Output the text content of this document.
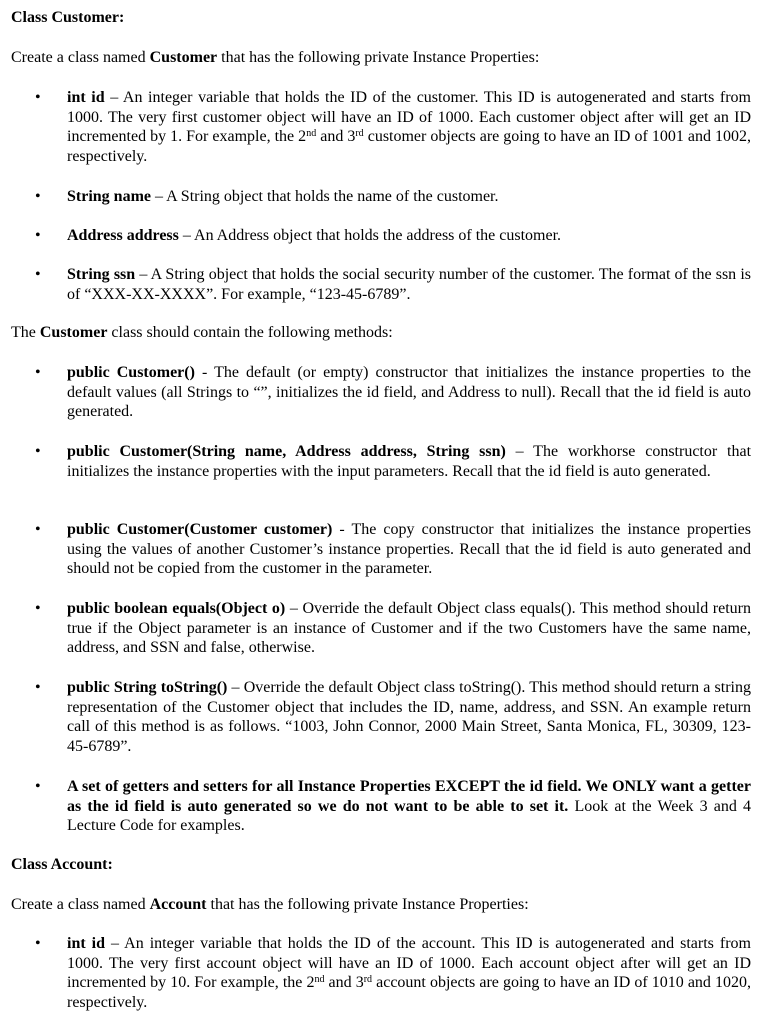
Class Customer:
Create a class named Customer that has the following private Instance Properties:
• int id – An integer variable that holds the ID of the customer. This ID is autogenerated and starts from 1000. The very first customer object will have an ID of 1000. Each customer object after will get an ID incremented by 1. For example, the 2nd and 3rd customer objects are going to have an ID of 1001 and 1002, respectively.
• String name – A String object that holds the name of the customer.
• Address address – An Address object that holds the address of the customer.
• String ssn – A String object that holds the social security number of the customer. The format of the ssn is of “XXX-XX-XXXX”. For example, “123-45-6789”.
The Customer class should contain the following methods:
• public Customer() - The default (or empty) constructor that initializes the instance properties to the default values (all Strings to “”, initializes the id field, and Address to null). Recall that the id field is auto generated.
• public Customer(String name, Address address, String ssn) – The workhorse constructor that initializes the instance properties with the input parameters. Recall that the id field is auto generated.
• public Customer(Customer customer) - The copy constructor that initializes the instance properties using the values of another Customer’s instance properties. Recall that the id field is auto generated and should not be copied from the customer in the parameter.
• public boolean equals(Object o) – Override the default Object class equals(). This method should return true if the Object parameter is an instance of Customer and if the two Customers have the same name, address, and SSN and false, otherwise.
• public String toString() – Override the default Object class toString(). This method should return a string representation of the Customer object that includes the ID, name, address, and SSN. An example return call of this method is as follows. “1003, John Connor, 2000 Main Street, Santa Monica, FL, 30309, 123-45-6789”.
• A set of getters and setters for all Instance Properties EXCEPT the id field. We ONLY want a getter as the id field is auto generated so we do not want to be able to set it. Look at the Week 3 and 4 Lecture Code for examples.
Class Account:
Create a class named Account that has the following private Instance Properties:
• int id – An integer variable that holds the ID of the account. This ID is autogenerated and starts from 1000. The very first account object will have an ID of 1000. Each account object after will get an ID incremented by 10. For example, the 2nd and 3rd account objects are going to have an ID of 1010 and 1020, respectively.
